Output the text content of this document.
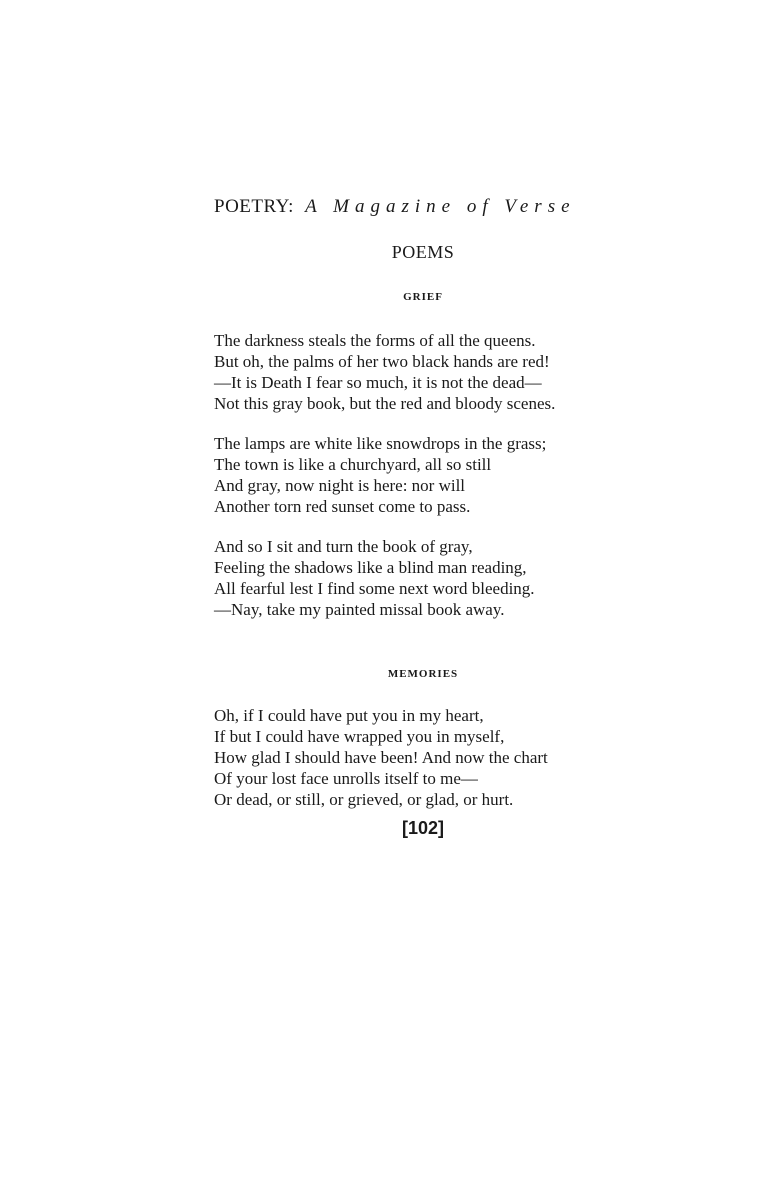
POETRY: A Magazine of Verse
POEMS
GRIEF
The darkness steals the forms of all the queens.
But oh, the palms of her two black hands are red!
—It is Death I fear so much, it is not the dead—
Not this gray book, but the red and bloody scenes.
The lamps are white like snowdrops in the grass;
The town is like a churchyard, all so still
And gray, now night is here: nor will
Another torn red sunset come to pass.
And so I sit and turn the book of gray,
Feeling the shadows like a blind man reading,
All fearful lest I find some next word bleeding.
—Nay, take my painted missal book away.
MEMORIES
Oh, if I could have put you in my heart,
If but I could have wrapped you in myself,
How glad I should have been! And now the chart
Of your lost face unrolls itself to me—
Or dead, or still, or grieved, or glad, or hurt.
[102]
